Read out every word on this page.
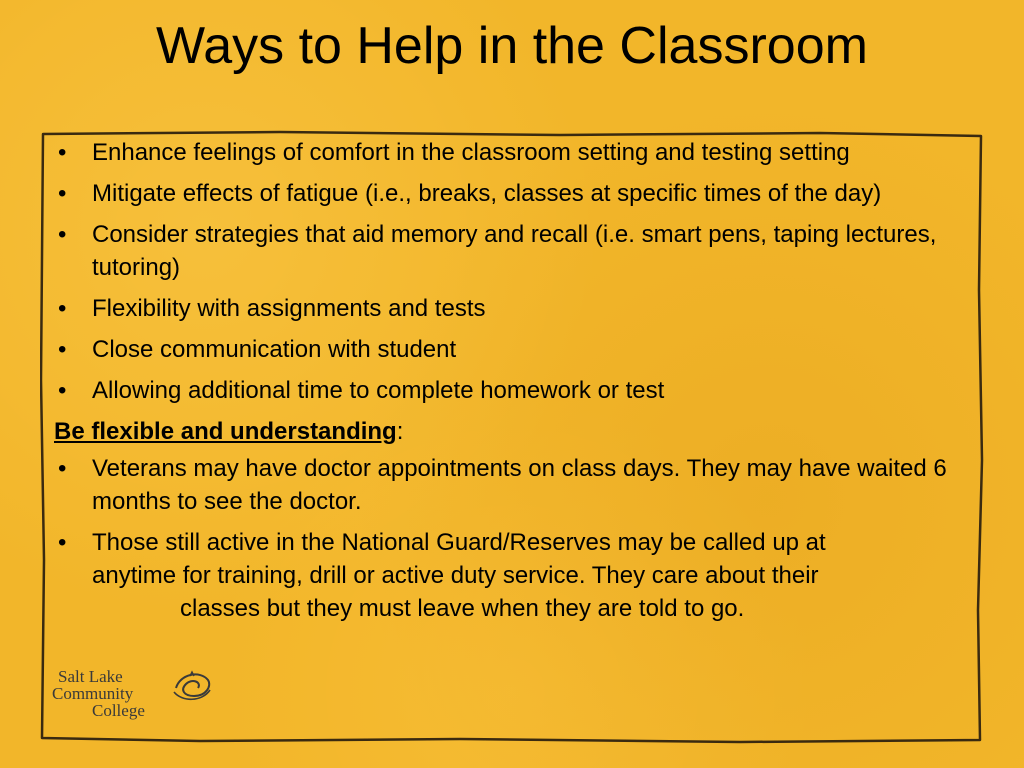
Ways to Help in the Classroom
• Enhance feelings of comfort in the classroom setting and testing setting
• Mitigate effects of fatigue (i.e., breaks, classes at specific times of the day)
• Consider strategies that aid memory and recall (i.e. smart pens, taping lectures, tutoring)
• Flexibility with assignments and tests
• Close communication with student
• Allowing additional time to complete homework or test
Be flexible and understanding:
• Veterans may have doctor appointments on class days. They may have waited 6 months to see the doctor.
• Those still active in the National Guard/Reserves may be called up at
anytime for training, drill or active duty service. They care about their
classes but they must leave when they are told to go.
Salt Lake
Community
College
